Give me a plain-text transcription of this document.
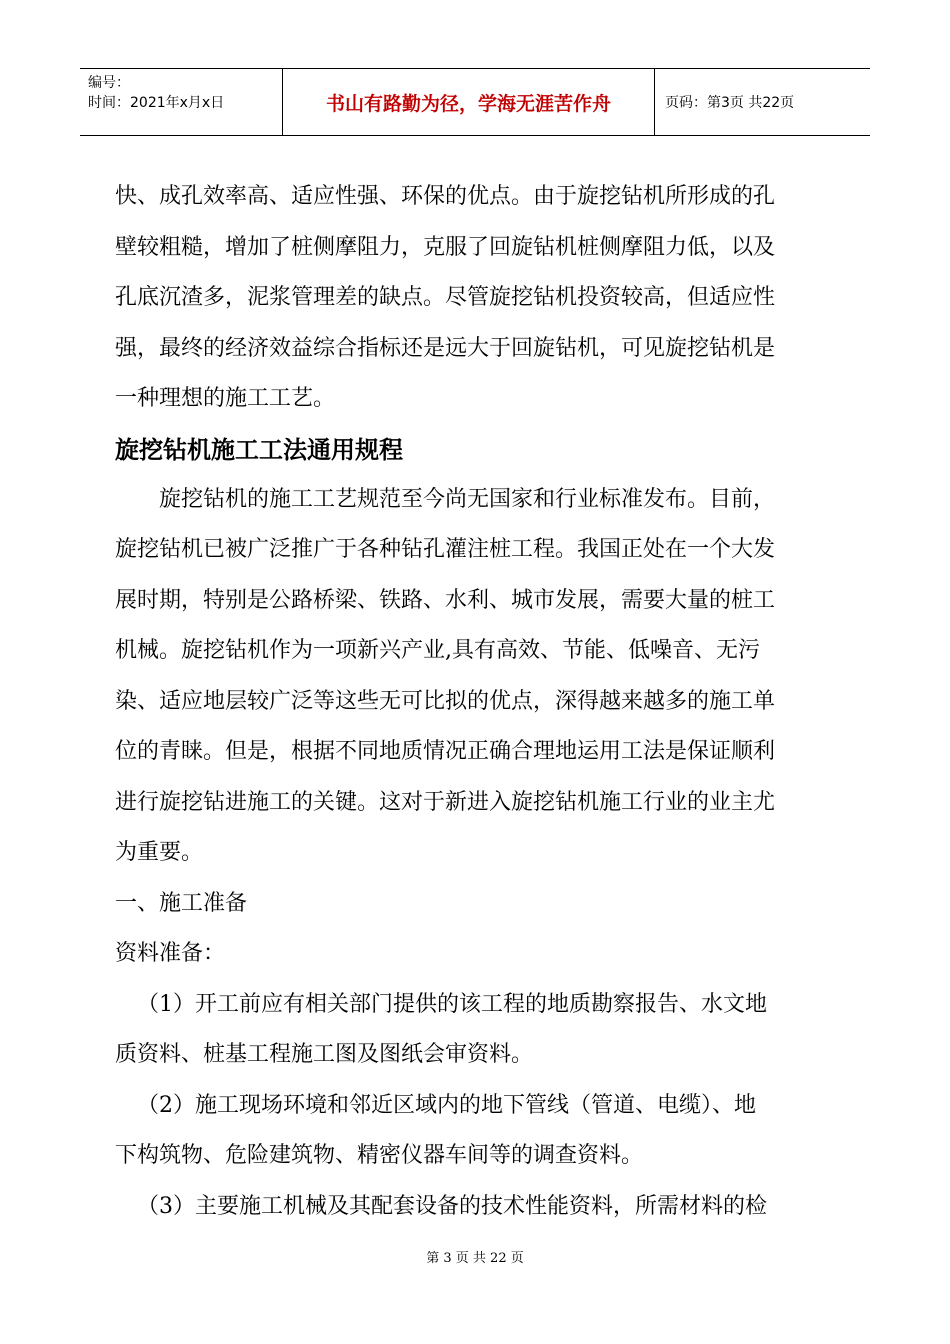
编号：
时间：2021年x月x日	书山有路勤为径，学海无涯苦作舟	页码：第3页 共22页
快、成孔效率高、适应性强、环保的优点。由于旋挖钻机所形成的孔
壁较粗糙，增加了桩侧摩阻力，克服了回旋钻机桩侧摩阻力低，以及
孔底沉渣多，泥浆管理差的缺点。尽管旋挖钻机投资较高，但适应性
强，最终的经济效益综合指标还是远大于回旋钻机，可见旋挖钻机是
一种理想的施工工艺。
旋挖钻机施工工法通用规程
旋挖钻机的施工工艺规范至今尚无国家和行业标准发布。目前，
旋挖钻机已被广泛推广于各种钻孔灌注桩工程。我国正处在一个大发
展时期，特别是公路桥梁、铁路、水利、城市发展，需要大量的桩工
机械。旋挖钻机作为一项新兴产业,具有高效、节能、低噪音、无污
染、适应地层较广泛等这些无可比拟的优点，深得越来越多的施工单
位的青睐。但是，根据不同地质情况正确合理地运用工法是保证顺利
进行旋挖钻进施工的关键。这对于新进入旋挖钻机施工行业的业主尤
为重要。
一、施工准备
资料准备：
（1）开工前应有相关部门提供的该工程的地质勘察报告、水文地
质资料、桩基工程施工图及图纸会审资料。
（2）施工现场环境和邻近区域内的地下管线（管道、电缆）、地
下构筑物、危险建筑物、精密仪器车间等的调查资料。
（3）主要施工机械及其配套设备的技术性能资料，所需材料的检
第 3 页 共 22 页
